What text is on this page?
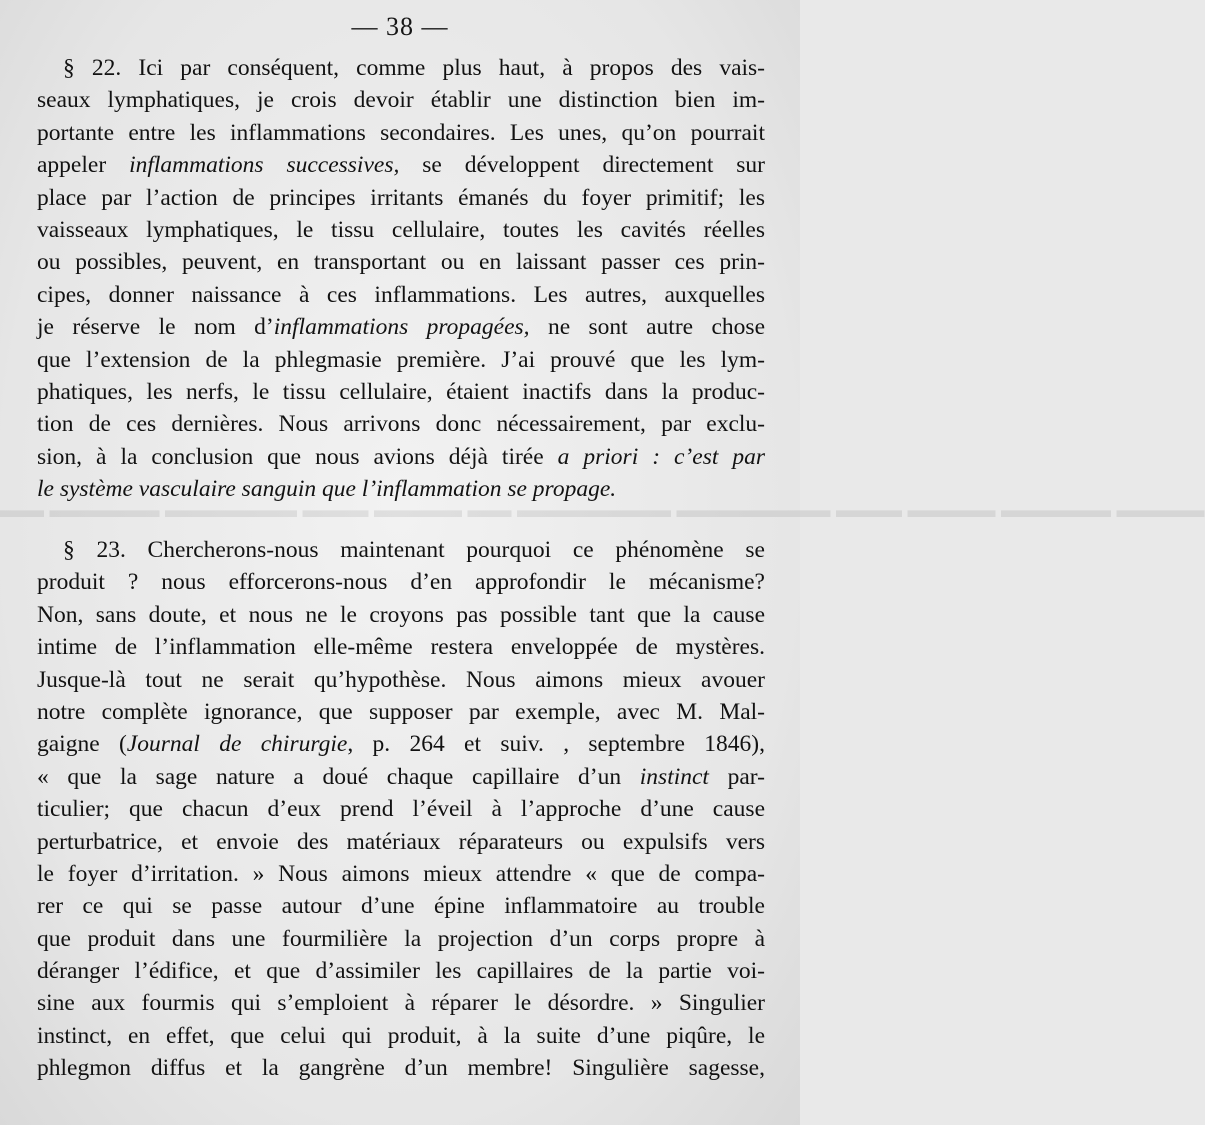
▬▬▬▬ ▬▬▬▬▬ ▬▬▬▬ ▬▬▬ ▬▬▬▬▬▬▬ ▬▬▬▬▬▬▬ ▬▬ ▬▬▬▬ ▬▬▬ ▬▬▬▬▬▬ ▬▬▬▬▬ ▬▬
— 38 —
§ 22. Ici par conséquent, comme plus haut, à propos des vais-
seaux lymphatiques, je crois devoir établir une distinction bien im-
portante entre les inflammations secondaires. Les unes, qu’on pourrait
appeler inflammations successives, se développent directement sur
place par l’action de principes irritants émanés du foyer primitif; les
vaisseaux lymphatiques, le tissu cellulaire, toutes les cavités réelles
ou possibles, peuvent, en transportant ou en laissant passer ces prin-
cipes, donner naissance à ces inflammations. Les autres, auxquelles
je réserve le nom d’inflammations propagées, ne sont autre chose
que l’extension de la phlegmasie première. J’ai prouvé que les lym-
phatiques, les nerfs, le tissu cellulaire, étaient inactifs dans la produc-
tion de ces dernières. Nous arrivons donc nécessairement, par exclu-
sion, à la conclusion que nous avions déjà tirée a priori : c’est par
le système vasculaire sanguin que l’inflammation se propage.
§ 23. Chercherons-nous maintenant pourquoi ce phénomène se
produit ? nous efforcerons-nous d’en approfondir le mécanisme?
Non, sans doute, et nous ne le croyons pas possible tant que la cause
intime de l’inflammation elle-même restera enveloppée de mystères.
Jusque-là tout ne serait qu’hypothèse. Nous aimons mieux avouer
notre complète ignorance, que supposer par exemple, avec M. Mal-
gaigne (Journal de chirurgie, p. 264 et suiv. , septembre 1846),
« que la sage nature a doué chaque capillaire d’un instinct par-
ticulier; que chacun d’eux prend l’éveil à l’approche d’une cause
perturbatrice, et envoie des matériaux réparateurs ou expulsifs vers
le foyer d’irritation. » Nous aimons mieux attendre « que de compa-
rer ce qui se passe autour d’une épine inflammatoire au trouble
que produit dans une fourmilière la projection d’un corps propre à
déranger l’édifice, et que d’assimiler les capillaires de la partie voi-
sine aux fourmis qui s’emploient à réparer le désordre. » Singulier
instinct, en effet, que celui qui produit, à la suite d’une piqûre, le
phlegmon diffus et la gangrène d’un membre! Singulière sagesse,
